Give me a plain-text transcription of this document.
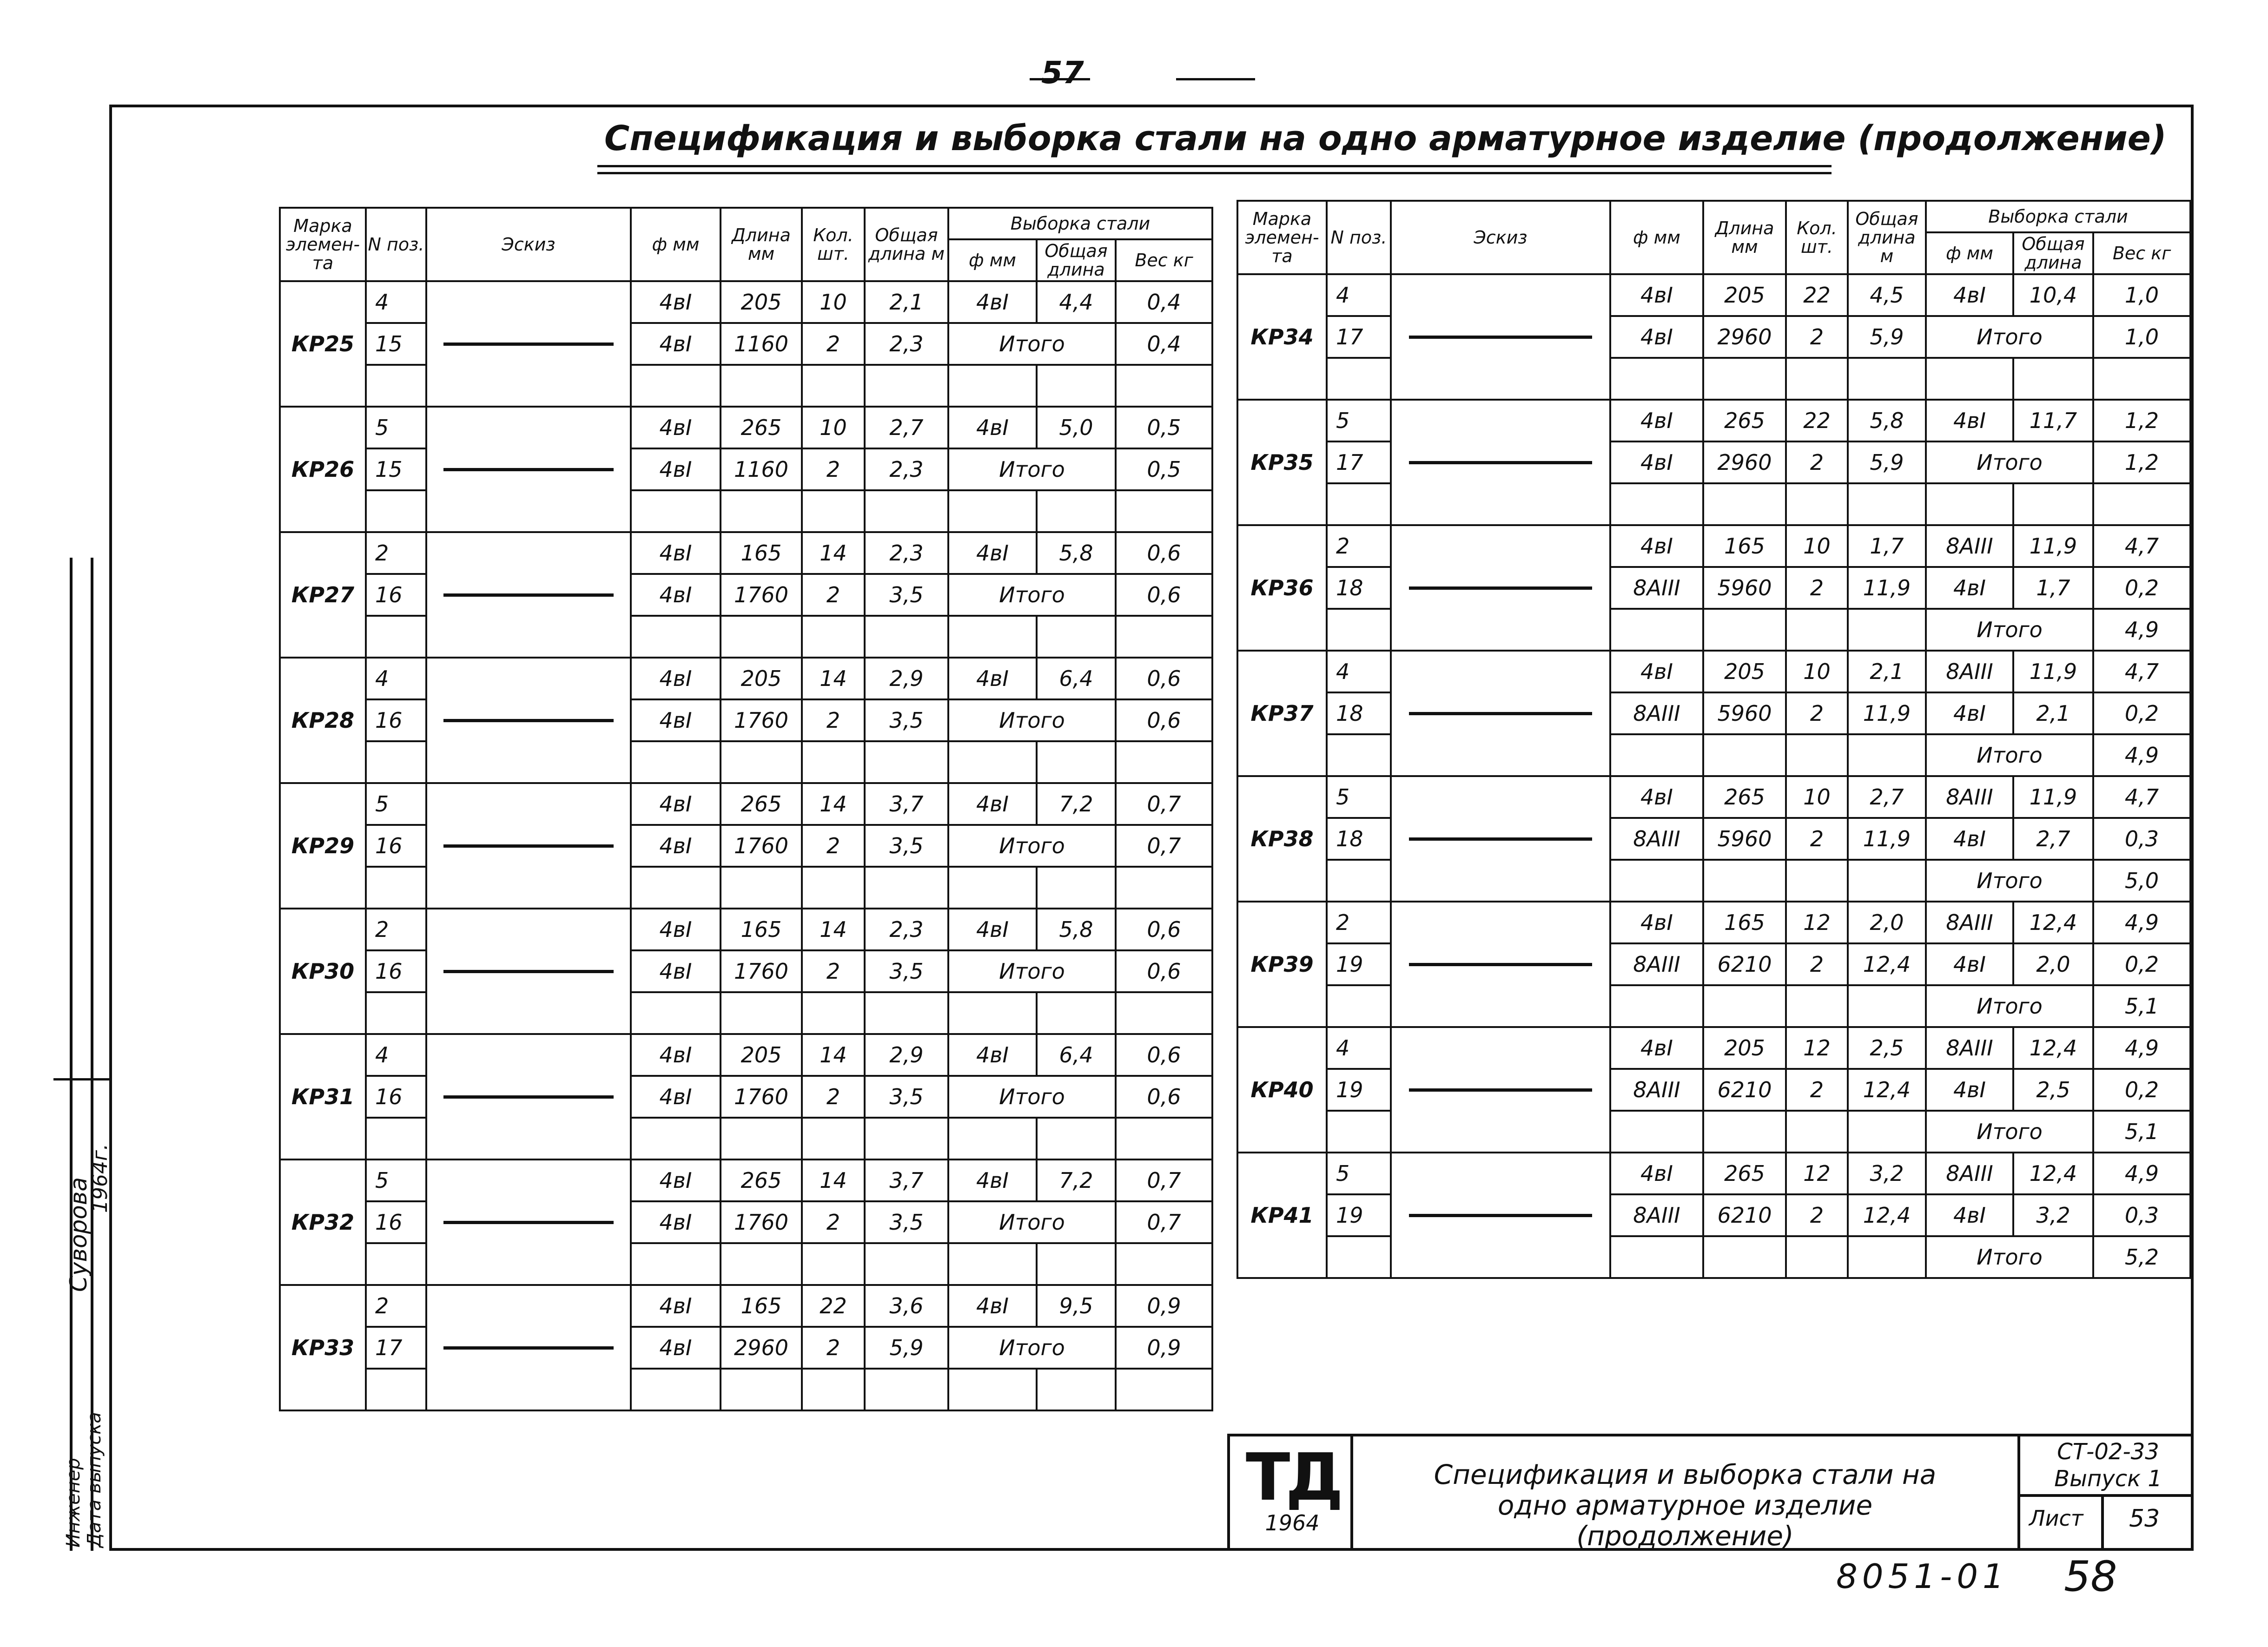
57
Спецификация и выборка стали на одно арматурное изделие (продолжение)
Марка элемен-та	N поз.	Эскиз	ф мм	Длина мм	Кол. шт.	Общая длина м	Выборка стали		
							ф мм	Общая длина	Вес кг
КР25	4		4вI	205	10	2,1	4вI	4,4	0,4
	15		4вI	1160	2	2,3	Итого		0,4

КР26	5		4вI	265	10	2,7	4вI	5,0	0,5
	15		4вI	1160	2	2,3	Итого		0,5

КР27	2		4вI	165	14	2,3	4вI	5,8	0,6
	16		4вI	1760	2	3,5	Итого		0,6

КР28	4		4вI	205	14	2,9	4вI	6,4	0,6
	16		4вI	1760	2	3,5	Итого		0,6

КР29	5		4вI	265	14	3,7	4вI	7,2	0,7
	16		4вI	1760	2	3,5	Итого		0,7

КР30	2		4вI	165	14	2,3	4вI	5,8	0,6
	16		4вI	1760	2	3,5	Итого		0,6

КР31	4		4вI	205	14	2,9	4вI	6,4	0,6
	16		4вI	1760	2	3,5	Итого		0,6

КР32	5		4вI	265	14	3,7	4вI	7,2	0,7
	16		4вI	1760	2	3,5	Итого		0,7

КР33	2		4вI	165	22	3,6	4вI	9,5	0,9
	17		4вI	2960	2	5,9	Итого		0,9

Марка элемен-та	N поз.	Эскиз	ф мм	Длина мм	Кол. шт.	Общая длина м	Выборка стали		
							ф мм	Общая длина	Вес кг
КР34	4		4вI	205	22	4,5	4вI	10,4	1,0
	17		4вI	2960	2	5,9	Итого		1,0

КР35	5		4вI	265	22	5,8	4вI	11,7	1,2
	17		4вI	2960	2	5,9	Итого		1,2

КР36	2		4вI	165	10	1,7	8АIII	11,9	4,7
	18		8АIII	5960	2	11,9	4вI	1,7	0,2
							Итого		4,9
КР37	4		4вI	205	10	2,1	8АIII	11,9	4,7
	18		8АIII	5960	2	11,9	4вI	2,1	0,2
							Итого		4,9
КР38	5		4вI	265	10	2,7	8АIII	11,9	4,7
	18		8АIII	5960	2	11,9	4вI	2,7	0,3
							Итого		5,0
КР39	2		4вI	165	12	2,0	8АIII	12,4	4,9
	19		8АIII	6210	2	12,4	4вI	2,0	0,2
							Итого		5,1
КР40	4		4вI	205	12	2,5	8АIII	12,4	4,9
	19		8АIII	6210	2	12,4	4вI	2,5	0,2
							Итого		5,1
КР41	5		4вI	265	12	3,2	8АIII	12,4	4,9
	19		8АIII	6210	2	12,4	4вI	3,2	0,3
							Итого		5,2
ТД
1964
Спецификация и выборка стали на
одно арматурное изделие
(продолжение)
СТ-02-33
Выпуск 1
Лист 53
8051-01 58
Инженер Дата выпуска
Суворова
1964г.
